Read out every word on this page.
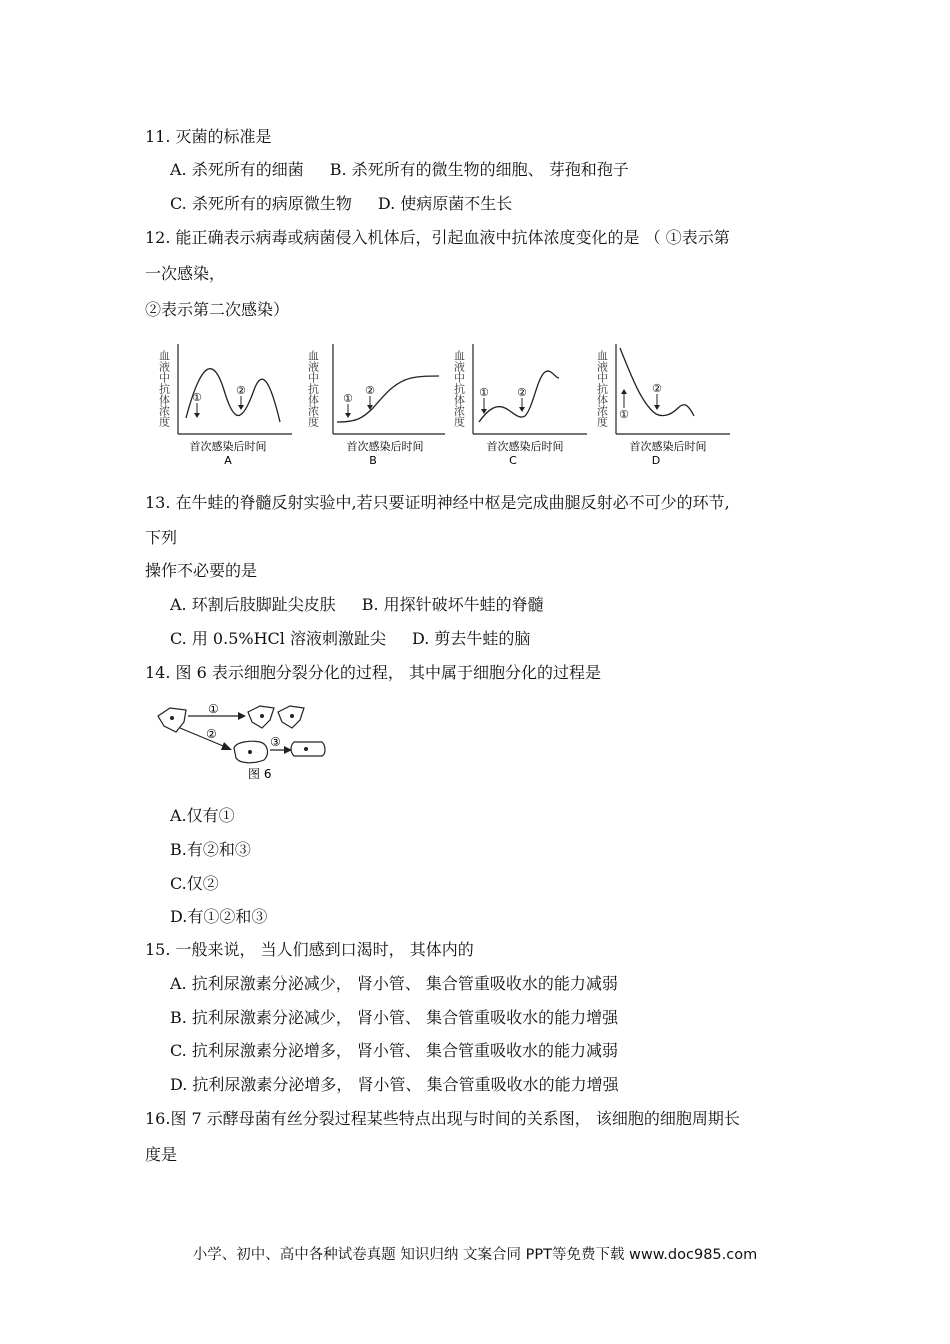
11. 灭菌的标准是
A. 杀死所有的细菌 B. 杀死所有的微生物的细胞、 芽孢和孢子
C. 杀死所有的病原微生物 D. 使病原菌不生长
12. 能正确表示病毒或病菌侵入机体后，引起血液中抗体浓度变化的是 （ ①表示第
一次感染，
②表示第二次感染）
血液中抗体浓度 ①
②
首次感染后时间
A
血液中抗体浓度 ①
②
首次感染后时间
B
血液中抗体浓度 ①	②
首次感染后时间
C
血液中抗体浓度 ①
②
首次感染后时间
D
13. 在牛蛙的脊髓反射实验中,若只要证明神经中枢是完成曲腿反射必不可少的环节,
下列
操作不必要的是
A. 环割后肢脚趾尖皮肤 B. 用探针破坏牛蛙的脊髓
C. 用 0.5%HCl 溶液刺激趾尖 D. 剪去牛蛙的脑
14. 图 6 表示细胞分裂分化的过程， 其中属于细胞分化的过程是
①
②
③
图 6
A.仅有①
B.有②和③
C.仅②
D.有①②和③
15. 一般来说， 当人们感到口渴时， 其体内的
A. 抗利尿激素分泌减少， 肾小管、 集合管重吸收水的能力减弱
B. 抗利尿激素分泌减少， 肾小管、 集合管重吸收水的能力增强
C. 抗利尿激素分泌增多， 肾小管、 集合管重吸收水的能力减弱
D. 抗利尿激素分泌增多， 肾小管、 集合管重吸收水的能力增强
16.图 7 示酵母菌有丝分裂过程某些特点出现与时间的关系图， 该细胞的细胞周期长
度是
小学、初中、高中各种试卷真题 知识归纳 文案合同 PPT等免费下载 www.doc985.com
